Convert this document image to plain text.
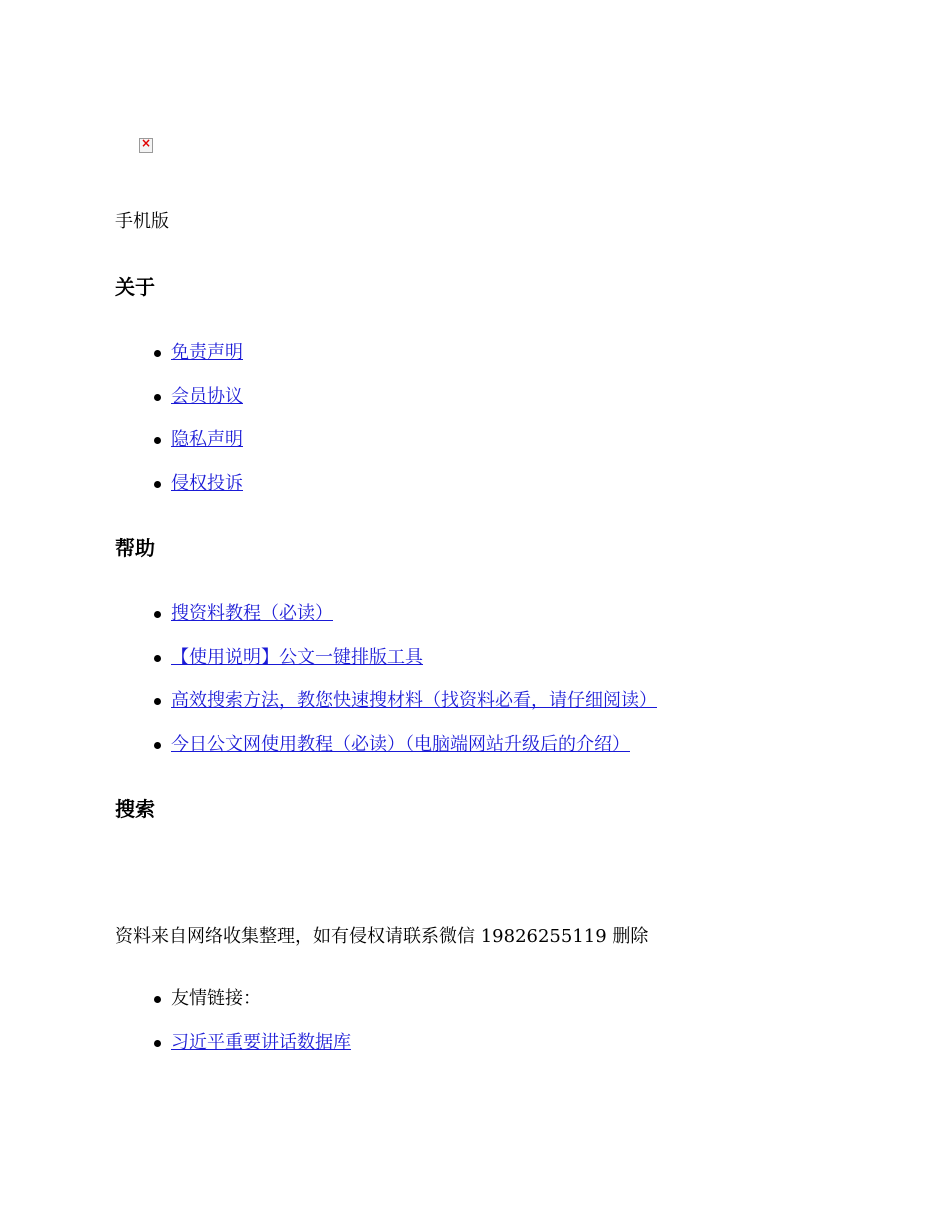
×
手机版
关于
免责声明
会员协议
隐私声明
侵权投诉
帮助
搜资料教程（必读）
【使用说明】公文一键排版工具
高效搜索方法，教您快速搜材料（找资料必看，请仔细阅读）
今日公文网使用教程（必读）（电脑端网站升级后的介绍）
搜索
资料来自网络收集整理，如有侵权请联系微信 19826255119 删除
友情链接：
习近平重要讲话数据库
